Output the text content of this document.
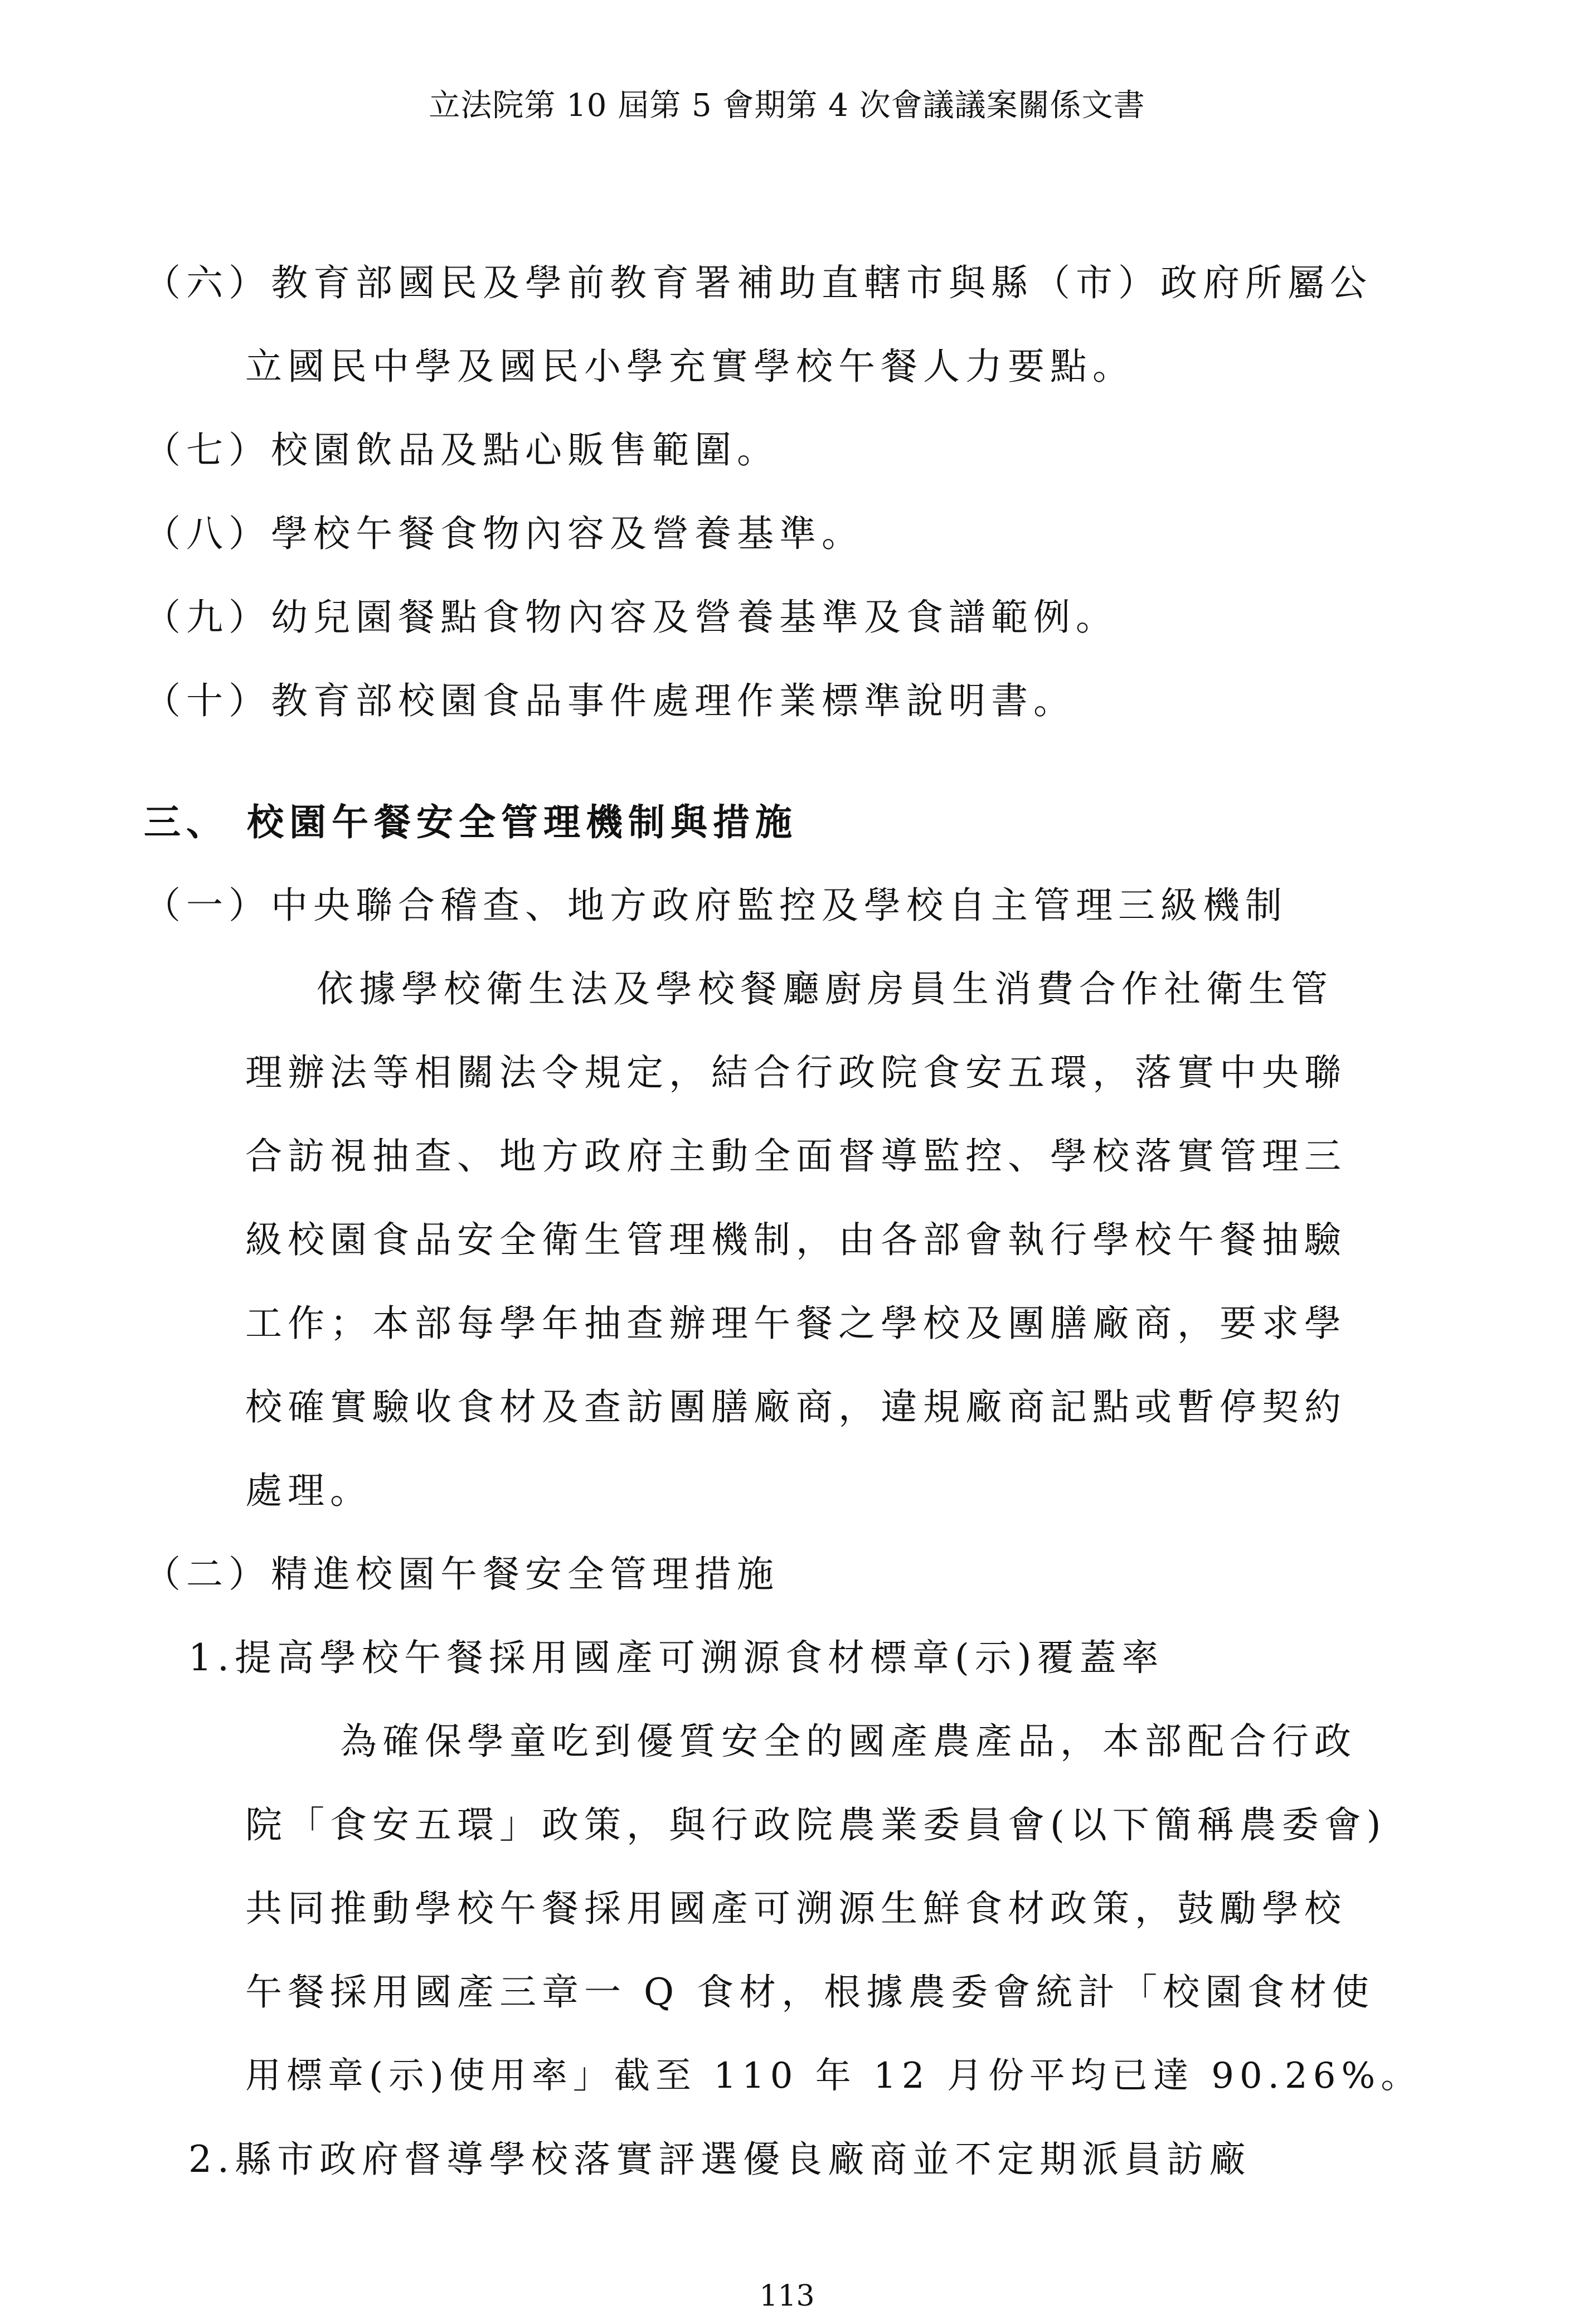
立法院第 10 屆第 5 會期第 4 次會議議案關係文書
（六）教育部國民及學前教育署補助直轄市與縣（市）政府所屬公
立國民中學及國民小學充實學校午餐人力要點。
（七）校園飲品及點心販售範圍。
（八）學校午餐食物內容及營養基準。
（九）幼兒園餐點食物內容及營養基準及食譜範例。
（十）教育部校園食品事件處理作業標準說明書。
三、 校園午餐安全管理機制與措施
（一）中央聯合稽查、地方政府監控及學校自主管理三級機制
依據學校衛生法及學校餐廳廚房員生消費合作社衛生管
理辦法等相關法令規定，結合行政院食安五環，落實中央聯
合訪視抽查、地方政府主動全面督導監控、學校落實管理三
級校園食品安全衛生管理機制，由各部會執行學校午餐抽驗
工作；本部每學年抽查辦理午餐之學校及團膳廠商，要求學
校確實驗收食材及查訪團膳廠商，違規廠商記點或暫停契約
處理。
（二）精進校園午餐安全管理措施
1.提高學校午餐採用國產可溯源食材標章(示)覆蓋率
為確保學童吃到優質安全的國產農產品，本部配合行政
院「食安五環」政策，與行政院農業委員會(以下簡稱農委會)
共同推動學校午餐採用國產可溯源生鮮食材政策，鼓勵學校
午餐採用國產三章一 Q 食材，根據農委會統計「校園食材使
用標章(示)使用率」截至 110 年 12 月份平均已達 90.26%。
2.縣市政府督導學校落實評選優良廠商並不定期派員訪廠
113
